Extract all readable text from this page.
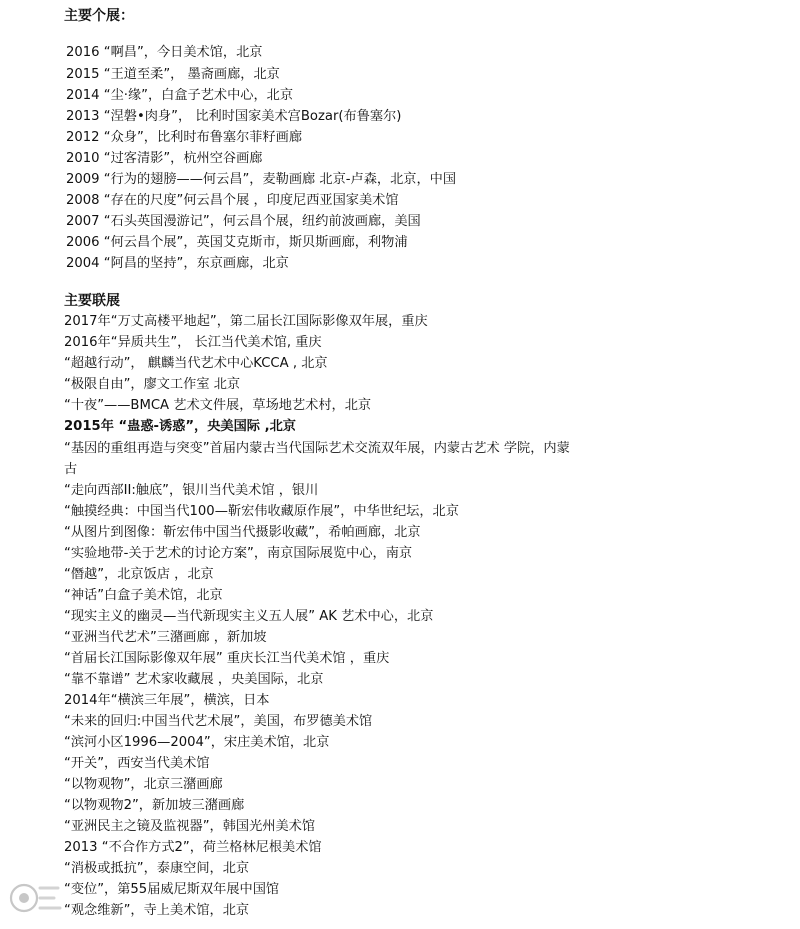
主要个展：
2016 “啊昌”，今日美术馆，北京
2015 “王道至柔”， 墨斋画廊，北京
2014 “尘·缘”，白盒子艺术中心，北京
2013 “涅磐•肉身”， 比利时国家美术宫Bozar(布鲁塞尔)
2012 “众身”，比利时布鲁塞尔菲籽画廊
2010 “过客清影”，杭州空谷画廊
2009 “行为的翅膀——何云昌”，麦勒画廊 北京-卢森，北京，中国
2008 “存在的尺度”何云昌个展 ，印度尼西亚国家美术馆
2007 “石头英国漫游记”，何云昌个展，纽约前波画廊，美国
2006 “何云昌个展”，英国艾克斯市，斯贝斯画廊，利物浦
2004 “阿昌的坚持”，东京画廊，北京
主要联展
2017年“万丈高楼平地起”，第二届长江国际影像双年展，重庆
2016年“异质共生”， 长江当代美术馆, 重庆
“超越行动”， 麒麟当代艺术中心KCCA , 北京
“极限自由”，廖文工作室 北京
“十夜”——BMCA 艺术文件展，草场地艺术村，北京
2015年 “蛊惑-诱惑”，央美国际 ,北京
“基因的重组再造与突变”首届内蒙古当代国际艺术交流双年展，内蒙古艺术 学院，内蒙
古
“走向西部II:触底”，银川当代美术馆 ，银川
“触摸经典：中国当代100—靳宏伟收藏原作展”，中华世纪坛，北京
“从图片到图像：靳宏伟中国当代摄影收藏”，希帕画廊，北京
“实验地带-关于艺术的讨论方案”，南京国际展览中心，南京
“僭越”，北京饭店 ，北京
“神话”白盒子美术馆，北京
“现实主义的幽灵—当代新现实主义五人展” AK 艺术中心，北京
“亚洲当代艺术”三潴画廊 ，新加坡
“首届长江国际影像双年展” 重庆长江当代美术馆 ，重庆
“靠不靠谱” 艺术家收藏展 ，央美国际，北京
2014年“横滨三年展”，横滨，日本
“未来的回归:中国当代艺术展”，美国，布罗德美术馆
“滨河小区1996—2004”，宋庄美术馆，北京
“开关”，西安当代美术馆
“以物观物”，北京三潴画廊
“以物观物2”，新加坡三潴画廊
“亚洲民主之镜及监视器”，韩国光州美术馆
2013 “不合作方式2”，荷兰格林尼根美术馆
“消极或抵抗”，泰康空间，北京
“变位”，第55届威尼斯双年展中国馆
“观念维新”，寺上美术馆，北京
